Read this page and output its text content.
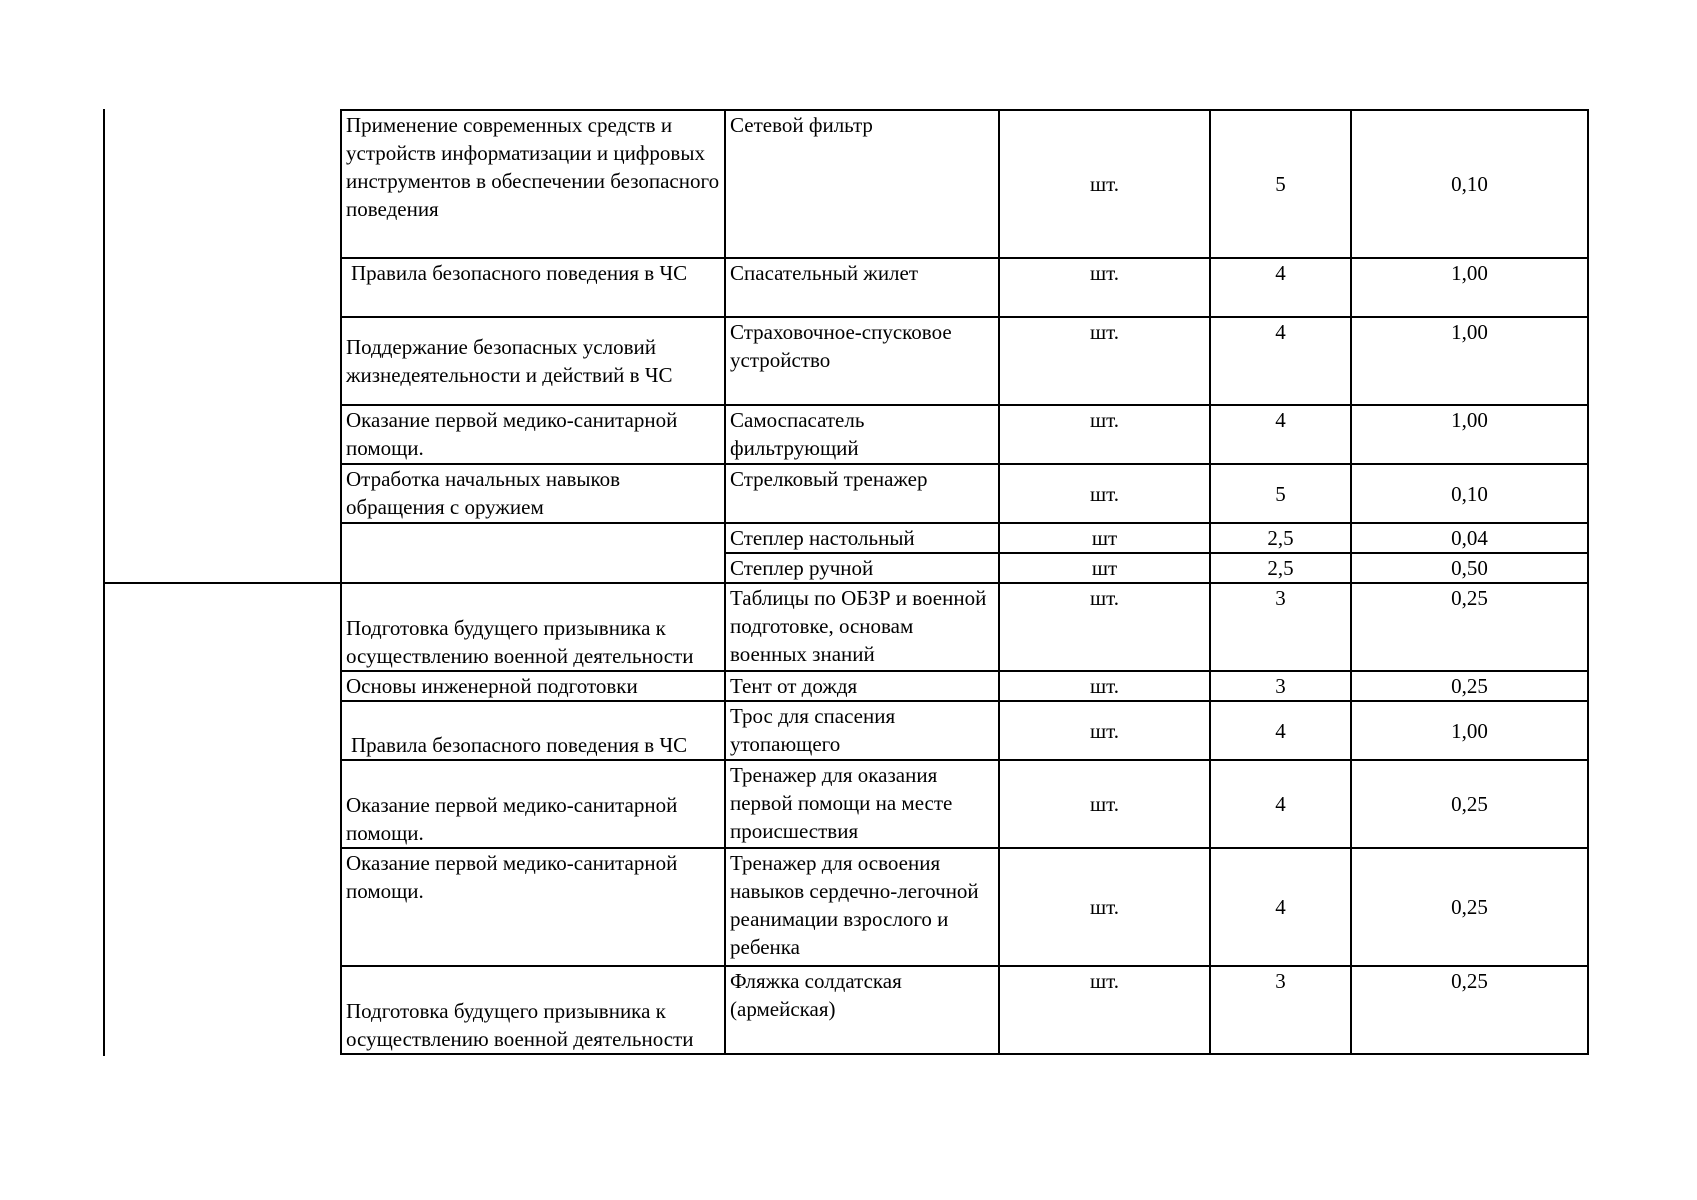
Применение современных средств и устройств информатизации и цифровых инструментов в обеспечении безопасного поведения	Сетевой фильтр	шт.	5	0,10
Правила безопасного поведения в ЧС	Спасательный жилет	шт.	4	1,00
Поддержание безопасных условий жизнедеятельности и действий в ЧС	Страховочное-спусковое устройство	шт.	4	1,00
Оказание первой медико-санитарной помощи.	Самоспасатель фильтрующий	шт.	4	1,00
Отработка начальных навыков обращения с оружием	Стрелковый тренажер	шт.	5	0,10
	Степлер настольный	шт	2,5	0,04
	Степлер ручной	шт	2,5	0,50
Подготовка будущего призывника к осуществлению военной деятельности	Таблицы по ОБЗР и военной подготовке, основам военных знаний	шт.	3	0,25
Основы инженерной подготовки	Тент от дождя	шт.	3	0,25
Правила безопасного поведения в ЧС	Трос для спасения утопающего	шт.	4	1,00
Оказание первой медико-санитарной помощи.	Тренажер для оказания первой помощи на месте происшествия	шт.	4	0,25
Оказание первой медико-санитарной помощи.	Тренажер для освоения навыков сердечно-легочной реанимации взрослого и ребенка	шт.	4	0,25
Подготовка будущего призывника к осуществлению военной деятельности	Фляжка солдатская (армейская)	шт.	3	0,25
